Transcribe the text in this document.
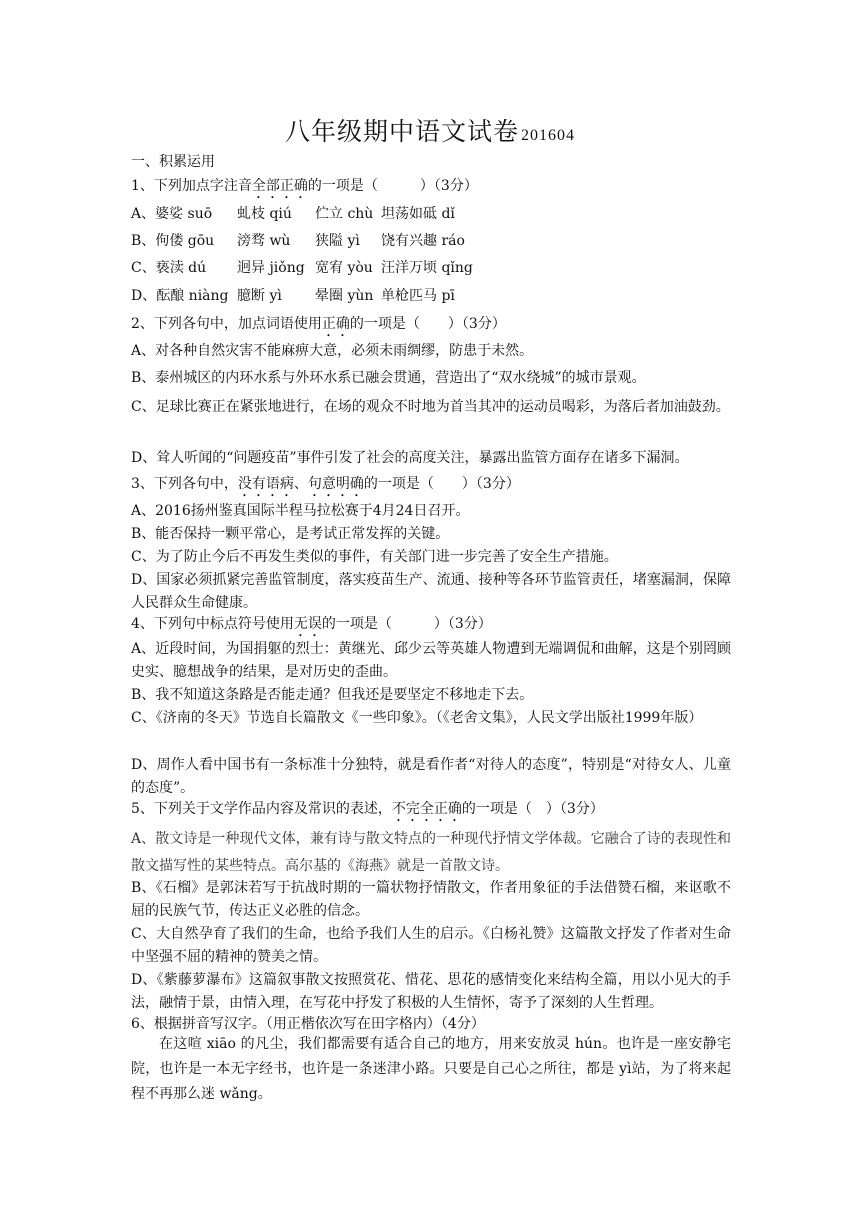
八年级期中语文试卷 201604
一、积累运用
1、下列加点字注音全部正确的一项是（　　　）（3分）
A、婆娑 suō 虬枝 qiú 伫立 chù 坦荡如砥 dǐ
B、佝偻 gōu 滂骛 wù 狭隘 yì 饶有兴趣 ráo
C、亵渎 dú 迥异 jiǒng 宽宥 yòu 汪洋万顷 qǐng
D、酝酿 niàng 臆断 yì 晕圈 yùn 单枪匹马 pī
2、下列各句中，加点词语使用正确的一项是（　　）（3分）
A、对各种自然灾害不能麻痹大意，必须未雨绸缪，防患于未然。
B、泰州城区的内环水系与外环水系已融会贯通，营造出了“双水绕城”的城市景观。
C、足球比赛正在紧张地进行，在场的观众不时地为首当其冲的运动员喝彩，为落后者加油鼓劲。
D、耸人听闻的“问题疫苗”事件引发了社会的高度关注，暴露出监管方面存在诸多下漏洞。
3、下列各句中，没有语病、句意明确的一项是（　　）（3分）
A、2016扬州鉴真国际半程马拉松赛于4月24日召开。
B、能否保持一颗平常心，是考试正常发挥的关键。
C、为了防止今后不再发生类似的事件，有关部门进一步完善了安全生产措施。
D、国家必须抓紧完善监管制度，落实疫苗生产、流通、接种等各环节监管责任，堵塞漏洞，保障人民群众生命健康。
4、下列句中标点符号使用无误的一项是（　　　）（3分）
A、近段时间，为国捐躯的烈士：黄继光、邱少云等英雄人物遭到无端调侃和曲解，这是个别罔顾史实、臆想战争的结果，是对历史的歪曲。
B、我不知道这条路是否能走通？但我还是要坚定不移地走下去。
C、《济南的冬天》节选自长篇散文《一些印象》。（《老舍文集》，人民文学出版社1999年版）
D、周作人看中国书有一条标准十分独特，就是看作者“对待人的态度”，特别是“对待女人、儿童的态度”。
5、下列关于文学作品内容及常识的表述，不完全正确的一项是（　）（3分）
A、散文诗是一种现代文体，兼有诗与散文特点的一种现代抒情文学体裁。它融合了诗的表现性和散文描写性的某些特点。高尔基的《海燕》就是一首散文诗。
B、《石榴》是郭沫若写于抗战时期的一篇状物抒情散文，作者用象征的手法借赞石榴，来讴歌不屈的民族气节，传达正义必胜的信念。
C、大自然孕育了我们的生命，也给予我们人生的启示。《白杨礼赞》这篇散文抒发了作者对生命中坚强不屈的精神的赞美之情。
D、《紫藤萝瀑布》这篇叙事散文按照赏花、惜花、思花的感情变化来结构全篇，用以小见大的手法，融情于景，由情入理，在写花中抒发了积极的人生情怀，寄予了深刻的人生哲理。
6、根据拼音写汉字。（用正楷依次写在田字格内）（4分）
在这喧 xiāo 的凡尘，我们都需要有适合自己的地方，用来安放灵 hún。也许是一座安静宅院，也许是一本无字经书，也许是一条迷津小路。只要是自己心之所往，都是 yì站，为了将来起程不再那么迷 wǎng。
